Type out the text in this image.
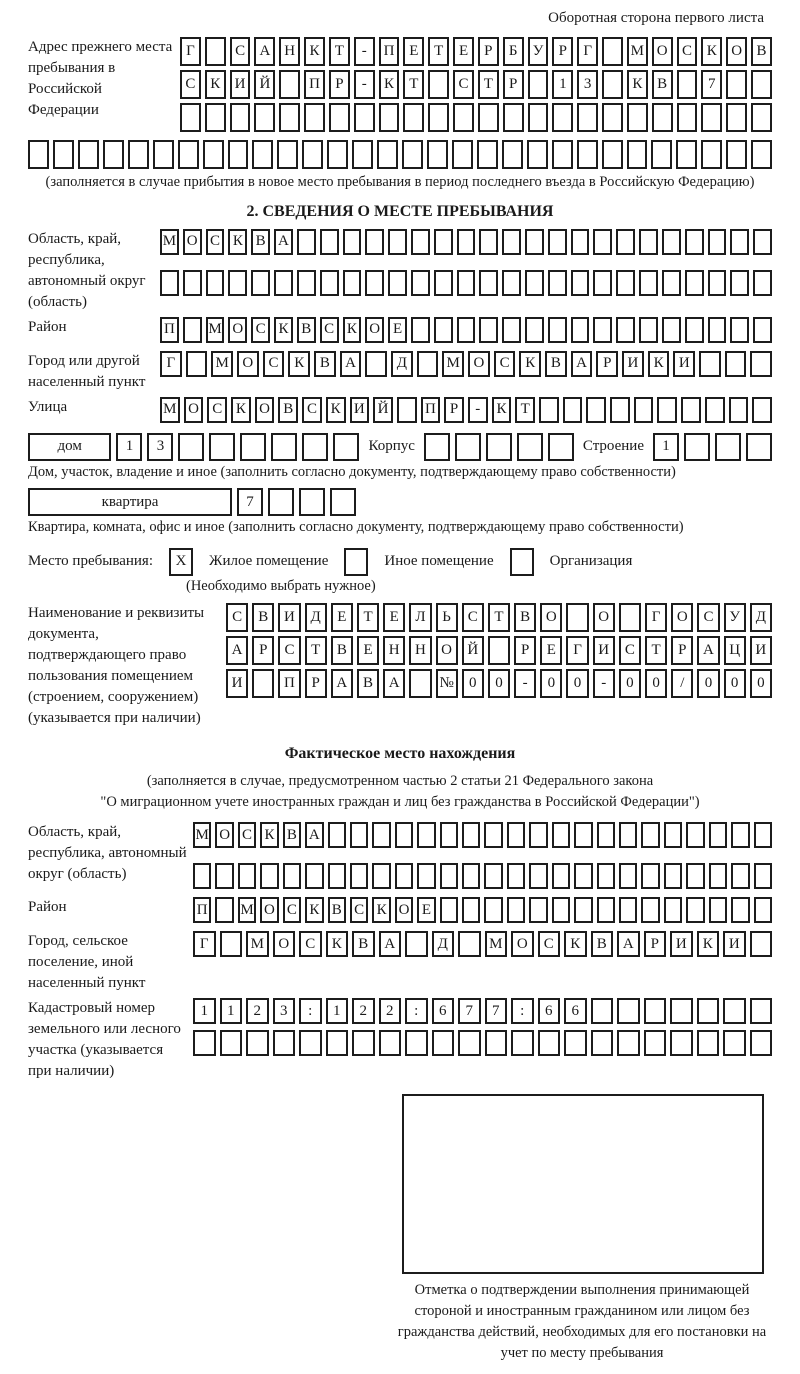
Оборотная сторона первого листа
Адрес прежнего места пребывания в Российской Федерации
Г	С А Н К	Т	-	П Е	Т	Е	Р	Б	У	Р	Г	М О С К О В
С К И Й	П	Р	-	К	Т	С	Т	Р	1	3	К В	7
(заполняется в случае прибытия в новое место пребывания в период последнего въезда в Российскую Федерацию)
2. СВЕДЕНИЯ О МЕСТЕ ПРЕБЫВАНИЯ
Область, край, республика, автономный округ (область)
М О С К В А
Район	П М О С К В С К О Е
Город или другой населенный пункт
Г	М О	С	К	В	А	Д	М О	С	К	В	А	Р	И	К	И
Улица	М О С К О В С К И Й П Р	-	К Т
дом	1	3	Корпус	Строение	1
Дом, участок, владение и иное (заполнить согласно документу, подтверждающему право собственности)
квартира	7
Квартира, комната, офис и иное (заполнить согласно документу, подтверждающему право собственности)
Место пребывания:	X	Жилое помещение	Иное помещение	Организация
(Необходимо выбрать нужное)
Наименование и реквизиты документа, подтверждающего право пользования помещением (строением, сооружением) (указывается при наличии)
С	В	И	Д	Е	Т	Е	Л	Ь	С	Т	В	О	О	Г	О	С	У	Д
А	Р	С	Т	В	Е	Н	Н	О	Й	Р	Е	Г	И	С	Т	Р	А	Ц	И
И	П	Р	А	В	А	№	0	0	-	0	0	-	0	0	/	0	0	0
Фактическое место нахождения
(заполняется в случае, предусмотренном частью 2 статьи 21 Федерального закона
"О миграционном учете иностранных граждан и лиц без гражданства в Российской Федерации")
Область, край, республика, автономный округ (область)
М О С К В А
Район	П М О С К В С К О Е
Город, сельское поселение, иной населенный пункт
Г	М О	С	К	В	А	Д	М О	С	К	В	А	Р	И	К	И
Кадастровый номер земельного или лесного участка (указывается при наличии)
1	1	2	3	:	1	2	2	:	6	7	7	:	6	6
Отметка о подтверждении выполнения принимающей стороной и иностранным гражданином или лицом без гражданства действий, необходимых для его постановки на учет по месту пребывания
